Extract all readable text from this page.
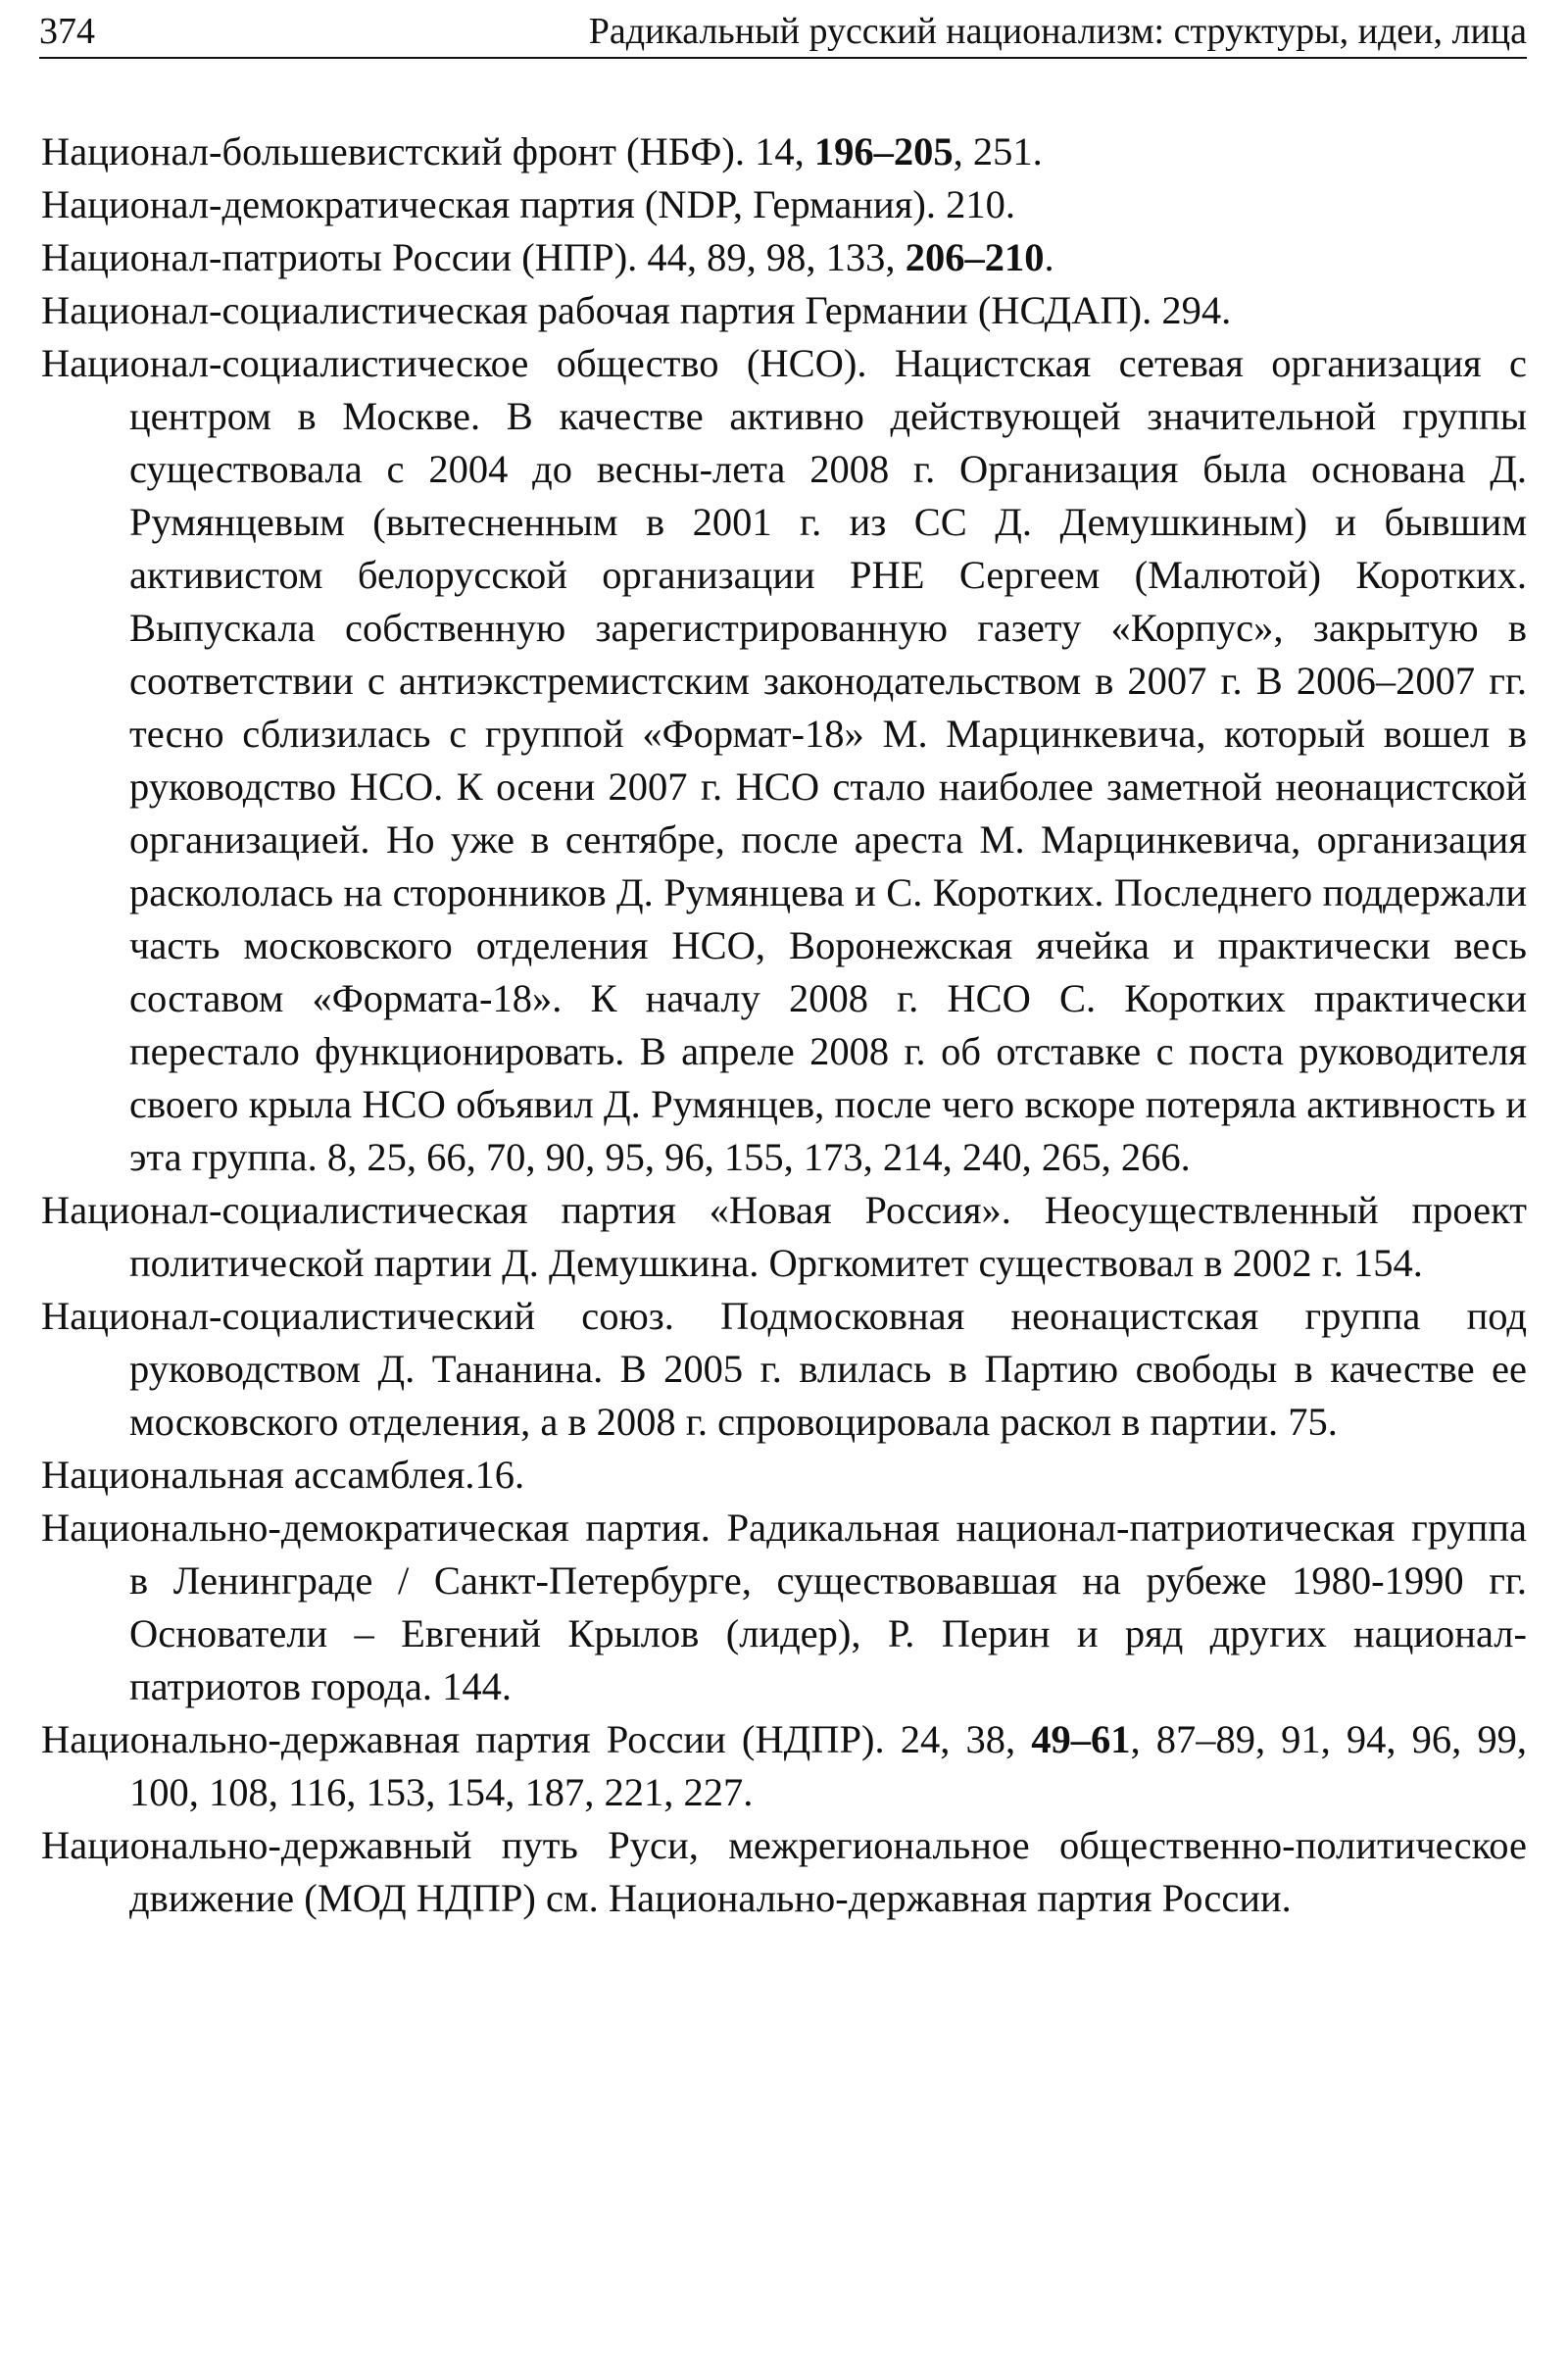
374	Радикальный русский национализм: структуры, идеи, лица

Национал-большевистский фронт (НБФ). 14, 196–205, 251.

Национал-демократическая партия (NDP, Германия). 210.

Национал-патриоты России (НПР). 44, 89, 98, 133, 206–210.

Национал-социалистическая рабочая партия Германии (НСДАП). 294.

Национал-социалистическое общество (НСО). Нацистская сетевая организация с центром в Москве. В качестве активно действующей значительной группы существовала с 2004 до весны-лета 2008 г. Организация была основана Д. Румянцевым (вытесненным в 2001 г. из СС Д. Демушкиным) и бывшим активистом белорусской организации РНЕ Сергеем (Малютой) Коротких. Выпускала собственную зарегистрированную газету «Корпус», закрытую в соответствии с антиэкстремистским законодательством в 2007 г. В 2006–2007 гг. тесно сблизилась с группой «Формат-18» М. Марцинкевича, который вошел в руководство НСО. К осени 2007 г. НСО стало наиболее заметной неонацистской организацией. Но уже в сентябре, после ареста М. Марцинкевича, организация раскололась на сторонников Д. Румянцева и С. Коротких. Последнего поддержали часть московского отделения НСО, Воронежская ячейка и практически весь составом «Формата-18». К началу 2008 г. НСО С. Коротких практически перестало функционировать. В апреле 2008 г. об отставке с поста руководителя своего крыла НСО объявил Д. Румянцев, после чего вскоре потеряла активность и эта группа. 8, 25, 66, 70, 90, 95, 96, 155, 173, 214, 240, 265, 266.

Национал-социалистическая партия «Новая Россия». Неосуществленный проект политической партии Д. Демушкина. Оргкомитет существовал в 2002 г. 154.

Национал-социалистический союз. Подмосковная неонацистская группа под руководством Д. Тананина. В 2005 г. влилась в Партию свободы в качестве ее московского отделения, а в 2008 г. спровоцировала раскол в партии. 75.

Национальная ассамблея.16.

Национально-демократическая партия. Радикальная национал-патриотическая группа в Ленинграде / Санкт-Петербурге, существовавшая на рубеже 1980-1990 гг. Основатели – Евгений Крылов (лидер), Р. Перин и ряд других национал-патриотов города. 144.

Национально-державная партия России (НДПР). 24, 38, 49–61, 87–89, 91, 94, 96, 99, 100, 108, 116, 153, 154, 187, 221, 227.

Национально-державный путь Руси, межрегиональное общественно-политическое движение (МОД НДПР) см. Национально-державная партия России.
